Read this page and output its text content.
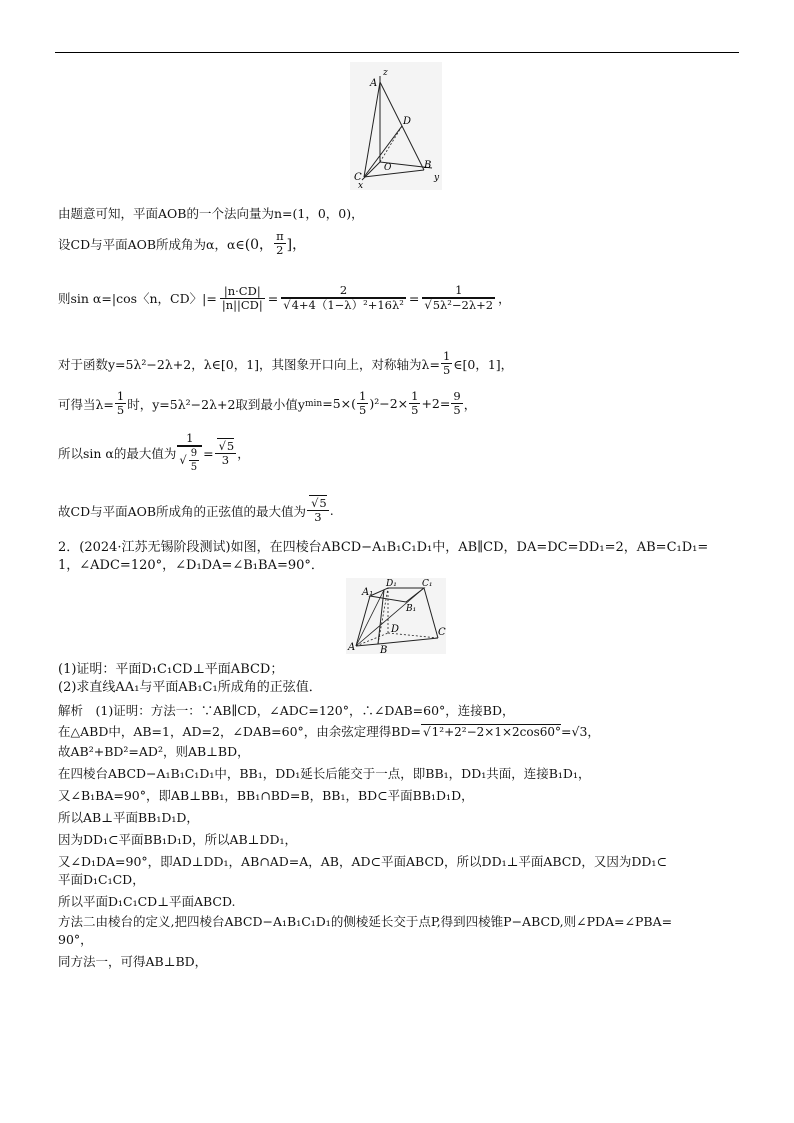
A
z
D
O	B
C	y
x
由题意可知，平面AOB的一个法向量为n=(1，0，0)，
设CD与平面AOB所成角为α，α∈ (0， $\frac{\pi}{2}$ ]，
则sin α=|cos〈n，CD〉|= $\frac{|n\cdot CD|}{|n||CD|} = 2$
√ 4+4（1−λ）²+16λ² = 1
√ 5λ²−2λ+2 ，
对于函数y=5λ²−2λ+2，λ∈[0，1]，其图象开口向上，对称轴为$\lambda= \frac{1}{5}$ ∈[0，1]，
可得当$\lambda= \frac{1}{5}$ 时，y=5λ²−2λ+2取到最小值y $\min =5\times( \frac{1}{5} )^2-2\times \frac{1}{5} +2= \frac{9}{5}$ ，
所以sin α的最大值为 1
√ $\frac{9}{5}$ = √ $\frac{5}{3}$ ，
故CD与平面AOB所成角的正弦值的最大值为 √ $\frac{5}{3}$ .
2．(2024·江苏无锡阶段测试)如图，在四棱台ABCD−A₁B₁C₁D₁中，AB∥CD，DA=DC=DD₁=2，AB=C₁D₁=
1，∠ADC=120°，∠D₁DA=∠B₁BA=90°．
A₁
D₁	C₁
B₁
D	C
B
A
(1)证明：平面D₁C₁CD⊥平面ABCD；
(2)求直线AA₁与平面AB₁C₁所成角的正弦值．
解析　(1)证明：方法一：∵AB∥CD，∠ADC=120°，∴∠DAB=60°，连接BD，
在△ABD中，AB=1，AD=2，∠DAB=60°，由余弦定理得BD= √ 1²+2²−2×1×2cos60° =√3，
故AB²+BD²=AD²，则AB⊥BD，
在四棱台ABCD−A₁B₁C₁D₁中，BB₁，DD₁延长后能交于一点，即BB₁，DD₁共面，连接B₁D₁，
又∠B₁BA=90°，即AB⊥BB₁，BB₁∩BD=B，BB₁，BD⊂平面BB₁D₁D，
所以AB⊥平面BB₁D₁D，
因为DD₁⊂平面BB₁D₁D，所以AB⊥DD₁，
又∠D₁DA=90°，即AD⊥DD₁，AB∩AD=A，AB，AD⊂平面ABCD，所以DD₁⊥平面ABCD，又因为DD₁⊂
平面D₁C₁CD，
所以平面D₁C₁CD⊥平面ABCD.
方法二由棱台的定义,把四棱台ABCD−A₁B₁C₁D₁的侧棱延长交于点P,得到四棱锥P−ABCD,则∠PDA=∠PBA=
90°，
同方法一，可得AB⊥BD，
